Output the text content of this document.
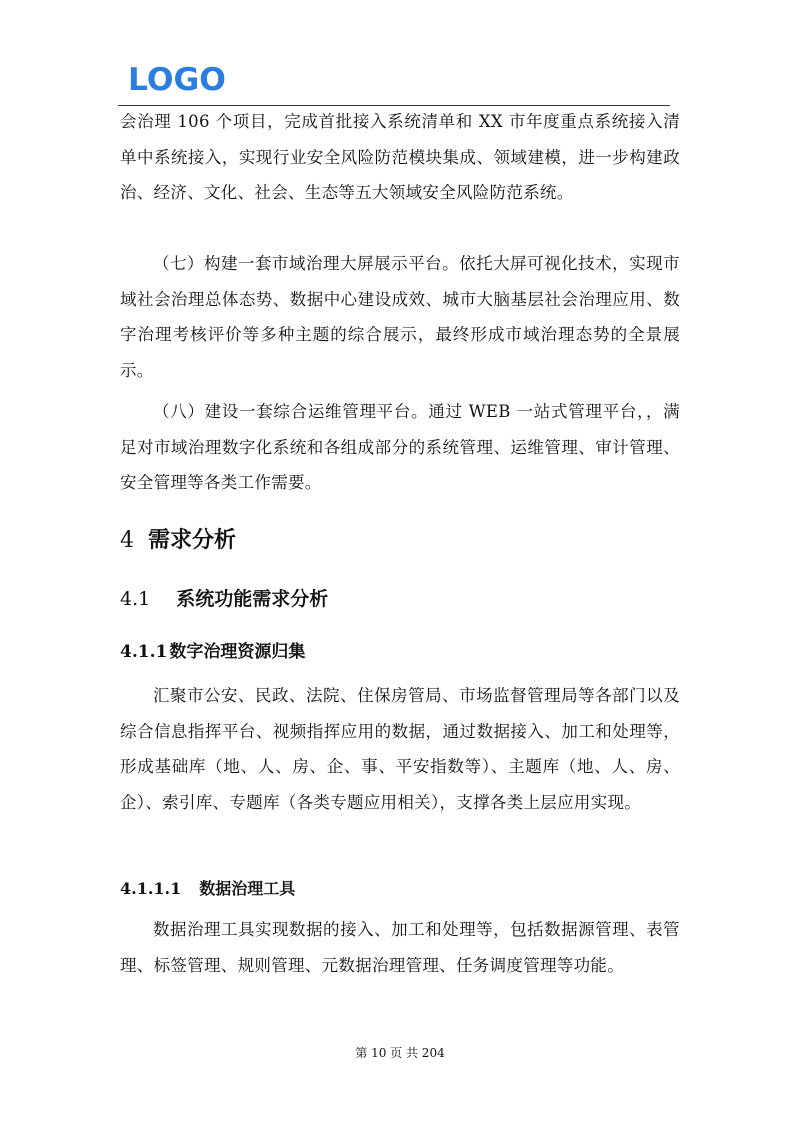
LOGO

会治理 106 个项目，完成首批接入系统清单和 XX 市年度重点系统接入清单中系统接入，实现行业安全风险防范模块集成、领域建模，进一步构建政治、经济、文化、社会、生态等五大领域安全风险防范系统。

（七）构建一套市域治理大屏展示平台。依托大屏可视化技术，实现市域社会治理总体态势、数据中心建设成效、城市大脑基层社会治理应用、数字治理考核评价等多种主题的综合展示，最终形成市域治理态势的全景展示。

（八）建设一套综合运维管理平台。通过 WEB 一站式管理平台，，满足对市域治理数字化系统和各组成部分的系统管理、运维管理、审计管理、安全管理等各类工作需要。

4 需求分析
4.1 系统功能需求分析
4.1.1 数字治理资源归集

汇聚市公安、民政、法院、住保房管局、市场监督管理局等各部门以及综合信息指挥平台、视频指挥应用的数据，通过数据接入、加工和处理等，形成基础库（地、人、房、企、事、平安指数等）、主题库（地、人、房、企）、索引库、专题库（各类专题应用相关），支撑各类上层应用实现。

4.1.1.1 数据治理工具

数据治理工具实现数据的接入、加工和处理等，包括数据源管理、表管理、标签管理、规则管理、元数据治理管理、任务调度管理等功能。

第 10 页 共 204
